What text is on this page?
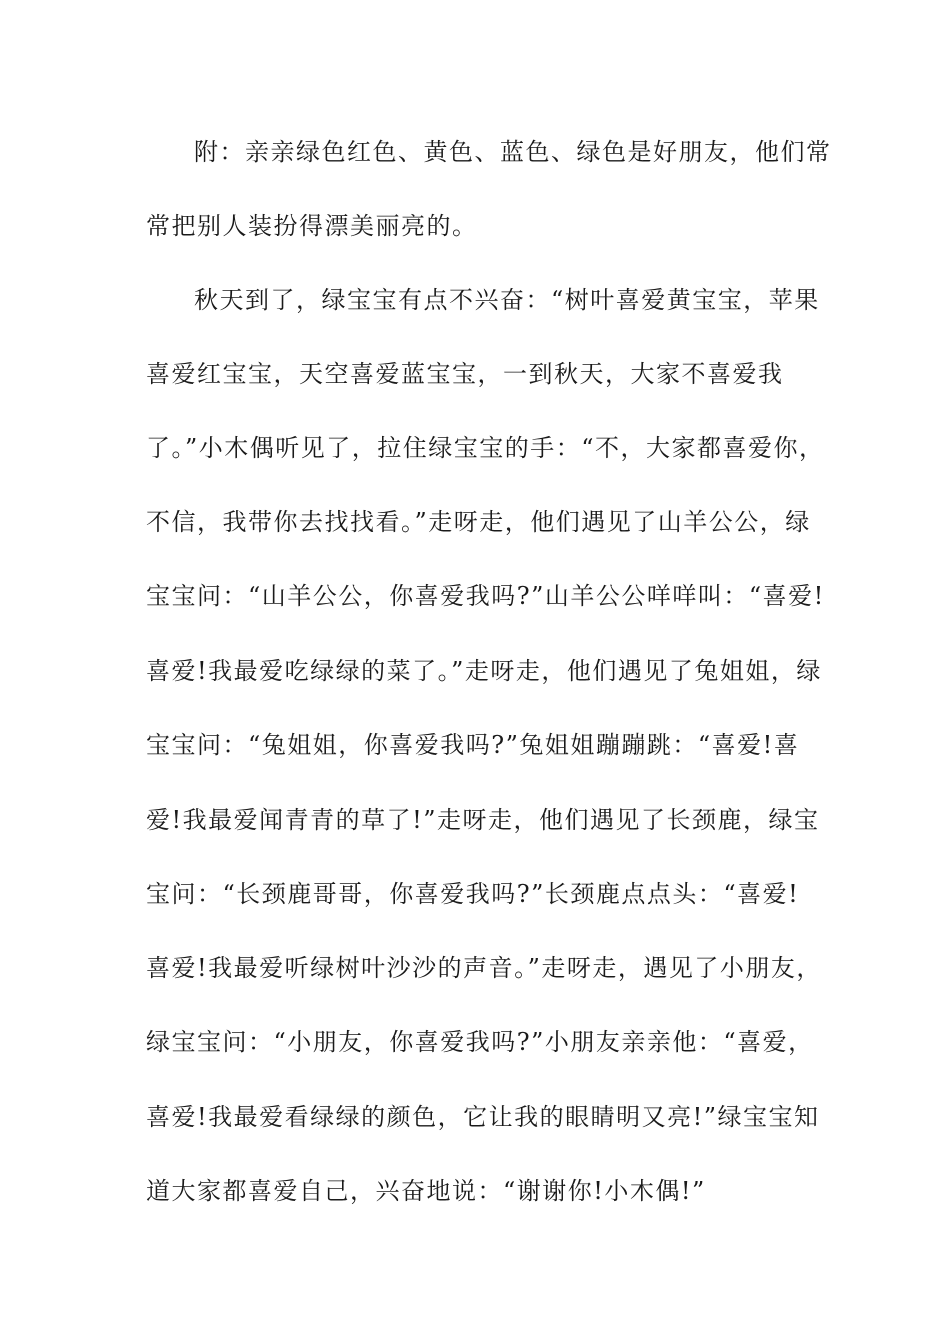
附：亲亲绿色红色、黄色、蓝色、绿色是好朋友，他们常
常把别人装扮得漂美丽亮的。
秋天到了，绿宝宝有点不兴奋：“树叶喜爱黄宝宝，苹果
喜爱红宝宝，天空喜爱蓝宝宝，一到秋天，大家不喜爱我
了。”小木偶听见了，拉住绿宝宝的手：“不，大家都喜爱你，
不信，我带你去找找看。”走呀走，他们遇见了山羊公公，绿
宝宝问：“山羊公公，你喜爱我吗?”山羊公公咩咩叫：“喜爱!
喜爱!我最爱吃绿绿的菜了。”走呀走，他们遇见了兔姐姐，绿
宝宝问：“兔姐姐，你喜爱我吗?”兔姐姐蹦蹦跳：“喜爱!喜
爱!我最爱闻青青的草了!”走呀走，他们遇见了长颈鹿，绿宝
宝问：“长颈鹿哥哥，你喜爱我吗?”长颈鹿点点头：“喜爱!
喜爱!我最爱听绿树叶沙沙的声音。”走呀走，遇见了小朋友，
绿宝宝问：“小朋友，你喜爱我吗?”小朋友亲亲他：“喜爱，
喜爱!我最爱看绿绿的颜色，它让我的眼睛明又亮!”绿宝宝知
道大家都喜爱自己，兴奋地说：“谢谢你!小木偶!”
